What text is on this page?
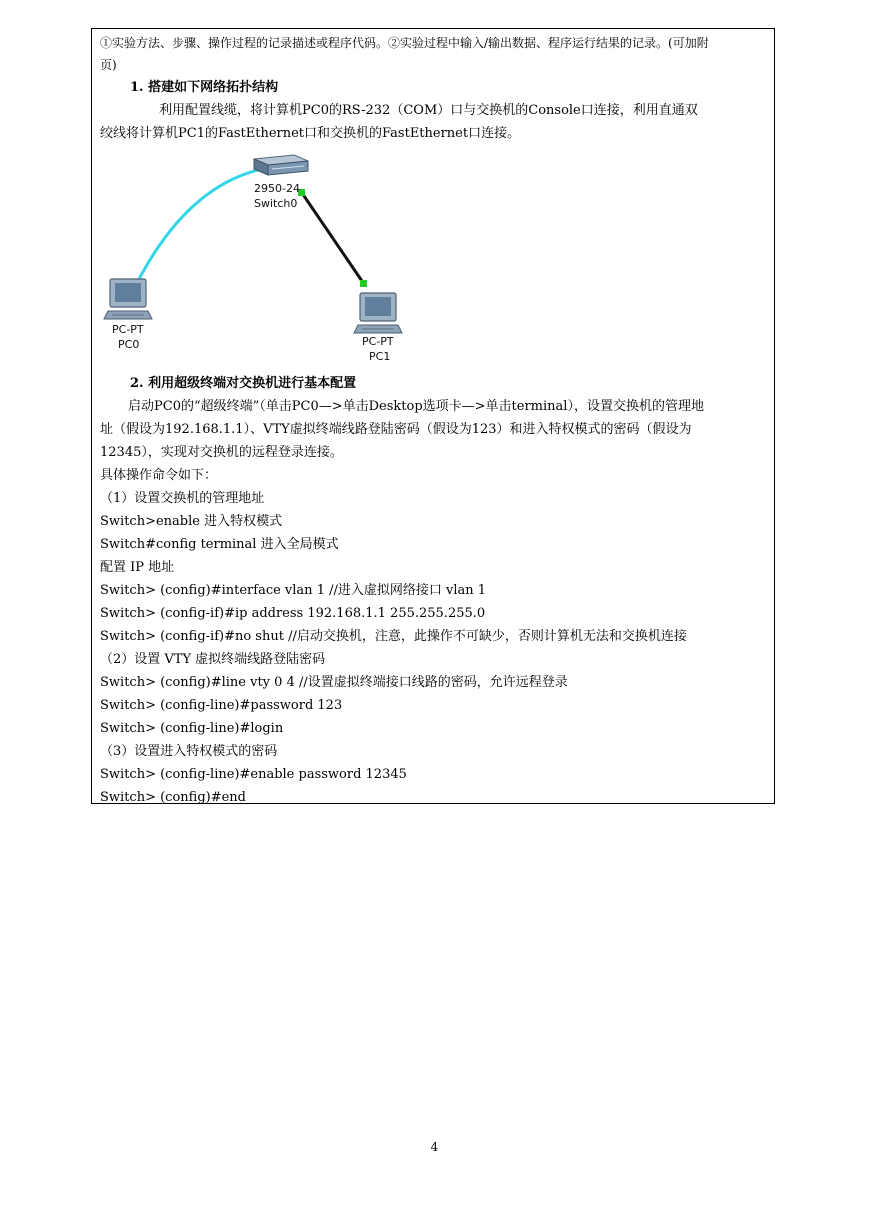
①实验方法、步骤、操作过程的记录描述或程序代码。②实验过程中输入/输出数据、程序运行结果的记录。(可加附
页)
1. 搭建如下网络拓扑结构
利用配置线缆，将计算机PC0的RS-232（COM）口与交换机的Console口连接，利用直通双
绞线将计算机PC1的FastEthernet口和交换机的FastEthernet口连接。
2950-24
Switch0
PC-PT
PC0	PC-PT
PC1
2. 利用超级终端对交换机进行基本配置
启动PC0的“超级终端”（单击PC0—>单击Desktop选项卡—>单击terminal），设置交换机的管理地
址（假设为192.168.1.1）、VTY虚拟终端线路登陆密码（假设为123）和进入特权模式的密码（假设为
12345），实现对交换机的远程登录连接。
具体操作命令如下：
（1）设置交换机的管理地址
Switch>enable 进入特权模式
Switch#config terminal 进入全局模式
配置 IP 地址
Switch> (config)#interface vlan 1 //进入虚拟网络接口 vlan 1
Switch> (config-if)#ip address 192.168.1.1 255.255.255.0
Switch> (config-if)#no shut //启动交换机，注意，此操作不可缺少，否则计算机无法和交换机连接
（2）设置 VTY 虚拟终端线路登陆密码
Switch> (config)#line vty 0 4 //设置虚拟终端接口线路的密码，允许远程登录
Switch> (config-line)#password 123
Switch> (config-line)#login
（3）设置进入特权模式的密码
Switch> (config-line)#enable password 12345
Switch> (config)#end
4
